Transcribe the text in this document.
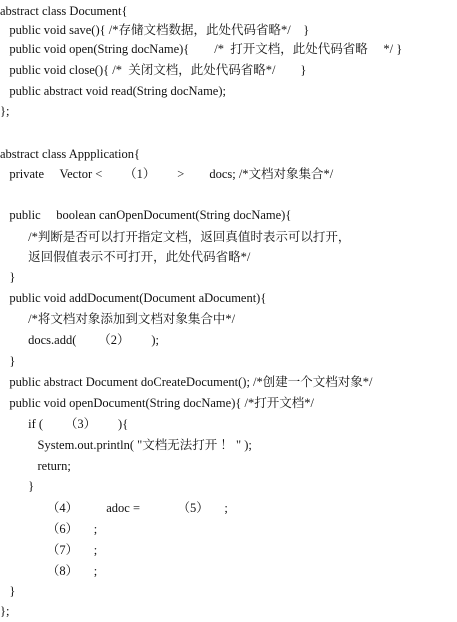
abstract class Document{
public void save(){ /*存储文档数据，此处代码省略*/    }
public void open(String docName){        /*  打开文档，此处代码省略     */ }
public void close(){ /*  关闭文档，此处代码省略*/        }
public abstract void read(String docName);
};
abstract class Appplication{
private     Vector <       （1）       >        docs; /*文档对象集合*/
public     boolean canOpenDocument(String docName){
/*判断是否可以打开指定文档，返回真值时表示可以打开，
返回假值表示不可打开，此处代码省略*/
}
public void addDocument(Document aDocument){
/*将文档对象添加到文档对象集合中*/
docs.add(       （2）       );
}
public abstract Document doCreateDocument(); /*创建一个文档对象*/
public void openDocument(String docName){ /*打开文档*/
if (       （3）       ){
System.out.println( "文档无法打开 ！ " );
return;
}
（4）         adoc =            （5）     ;
（6）     ;
（7）     ;
（8）     ;
}
};
